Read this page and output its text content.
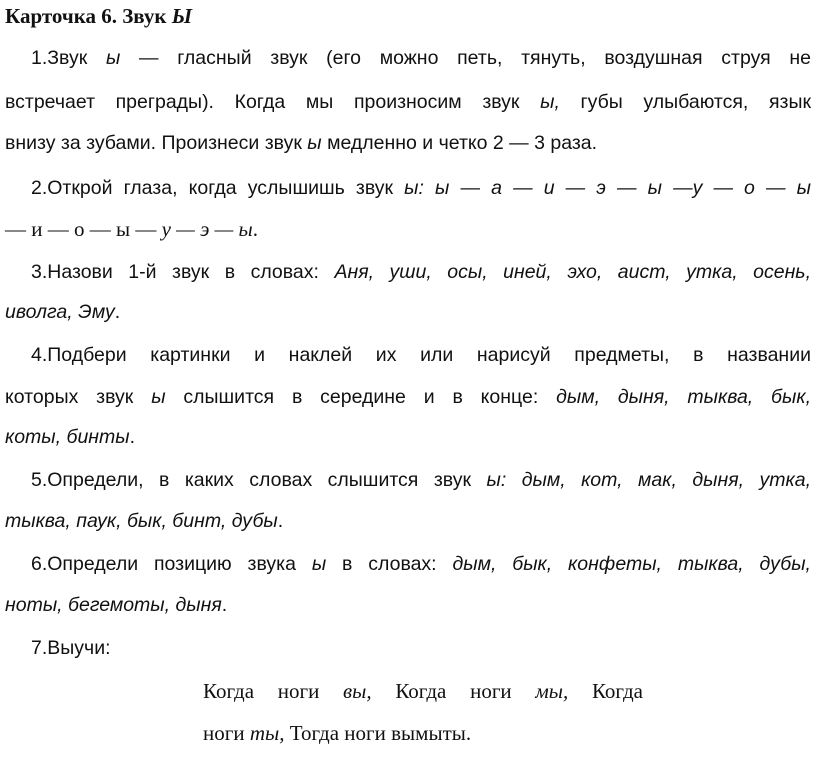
Карточка 6. Звук Ы
1.Звук ы — гласный звук (его можно петь, тянуть, воздушная струя не
встречает преграды). Когда мы произносим звук ы, губы улыбаются, язык
внизу за зубами. Произнеси звук ы медленно и четко 2 — 3 раза.
2.Открой глаза, когда услышишь звук ы: ы — а — и — э — ы —у — о — ы
— и — о — ы — у — э — ы.
3.Назови 1-й звук в словах: Аня, уши, осы, иней, эхо, аист, утка, осень,
иволга, Эму.
4.Подбери картинки и наклей их или нарисуй предметы, в названии
которых звук ы слышится в середине и в конце: дым, дыня, тыква, бык,
коты, бинты.
5.Определи, в каких словах слышится звук ы: дым, кот, мак, дыня, утка,
тыква, паук, бык, бинт, дубы.
6.Определи позицию звука ы в словах: дым, бык, конфеты, тыква, дубы,
ноты, бегемоты, дыня.
7.Выучи:
Когда ноги вы, Когда ноги мы, Когда
ноги ты, Тогда ноги вымыты.
